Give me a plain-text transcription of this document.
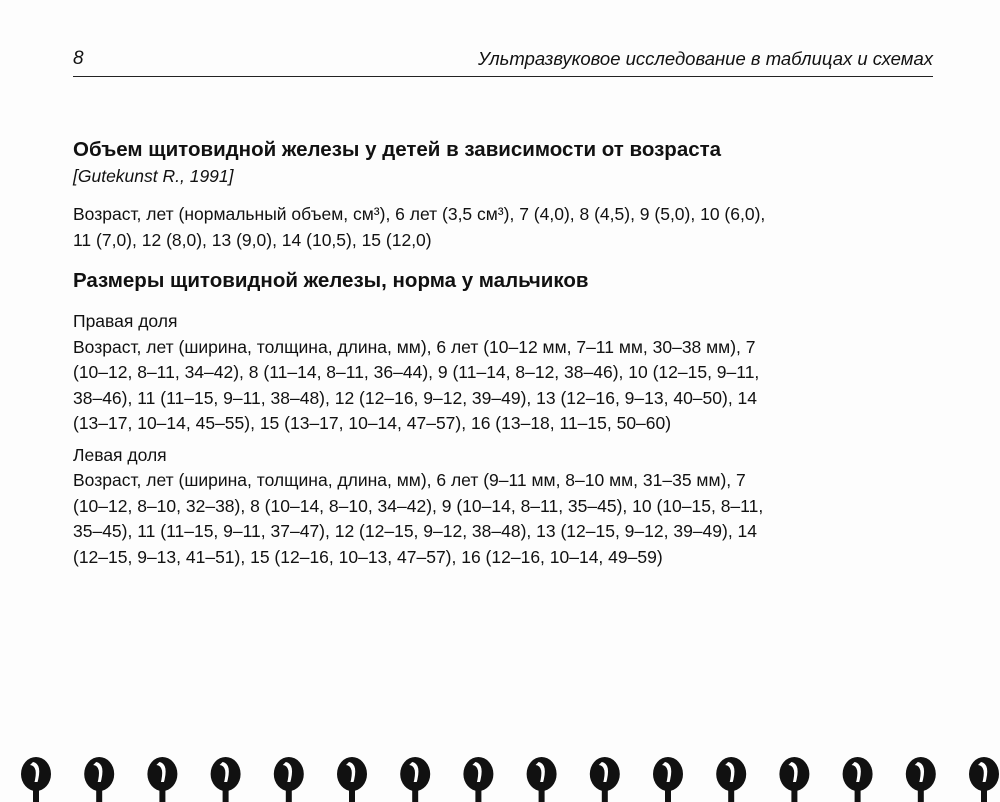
8	Ультразвуковое исследование в таблицах и схемах
Объем щитовидной железы у детей в зависимости от возраста
[Gutekunst R., 1991]

Возраст, лет (нормальный объем, см³), 6 лет (3,5 см³), 7 (4,0), 8 (4,5), 9 (5,0), 10 (6,0),

11 (7,0), 12 (8,0), 13 (9,0), 14 (10,5), 15 (12,0)

Размеры щитовидной железы, норма у мальчиков

Правая доля

Возраст, лет (ширина, толщина, длина, мм), 6 лет (10–12 мм, 7–11 мм, 30–38 мм), 7

(10–12, 8–11, 34–42), 8 (11–14, 8–11, 36–44), 9 (11–14, 8–12, 38–46), 10 (12–15, 9–11,

38–46), 11 (11–15, 9–11, 38–48), 12 (12–16, 9–12, 39–49), 13 (12–16, 9–13, 40–50), 14

(13–17, 10–14, 45–55), 15 (13–17, 10–14, 47–57), 16 (13–18, 11–15, 50–60)

Левая доля

Возраст, лет (ширина, толщина, длина, мм), 6 лет (9–11 мм, 8–10 мм, 31–35 мм), 7

(10–12, 8–10, 32–38), 8 (10–14, 8–10, 34–42), 9 (10–14, 8–11, 35–45), 10 (10–15, 8–11,

35–45), 11 (11–15, 9–11, 37–47), 12 (12–15, 9–12, 38–48), 13 (12–15, 9–12, 39–49), 14

(12–15, 9–13, 41–51), 15 (12–16, 10–13, 47–57), 16 (12–16, 10–14, 49–59)
